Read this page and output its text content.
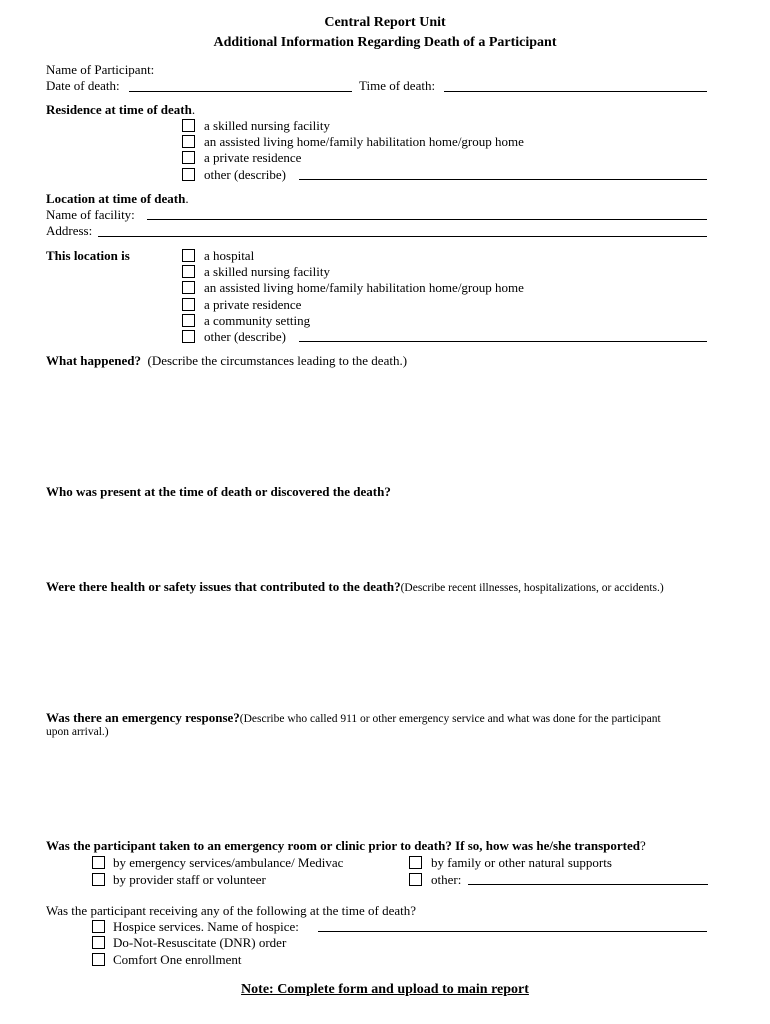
Central Report Unit
Additional Information Regarding Death of a Participant
Name of Participant:
Date of death:	Time of death:
Residence at time of death.
a skilled nursing facility
an assisted living home/family habilitation home/group home
a private residence
other (describe)
Location at time of death.
Name of facility:
Address:
This location is	a hospital
a skilled nursing facility
an assisted living home/family habilitation home/group home
a private residence
a community setting
other (describe)
What happened? (Describe the circumstances leading to the death.)
Who was present at the time of death or discovered the death?
Were there health or safety issues that contributed to the death?(Describe recent illnesses, hospitalizations, or accidents.)
Was there an emergency response?(Describe who called 911 or other emergency service and what was done for the participant
upon arrival.)
Was the participant taken to an emergency room or clinic prior to death? If so, how was he/she transported?
by emergency services/ambulance/ Medivac	by family or other natural supports
by provider staff or volunteer	other:
Was the participant receiving any of the following at the time of death?
Hospice services. Name of hospice:
Do-Not-Resuscitate (DNR) order
Comfort One enrollment
Note: Complete form and upload to main report
